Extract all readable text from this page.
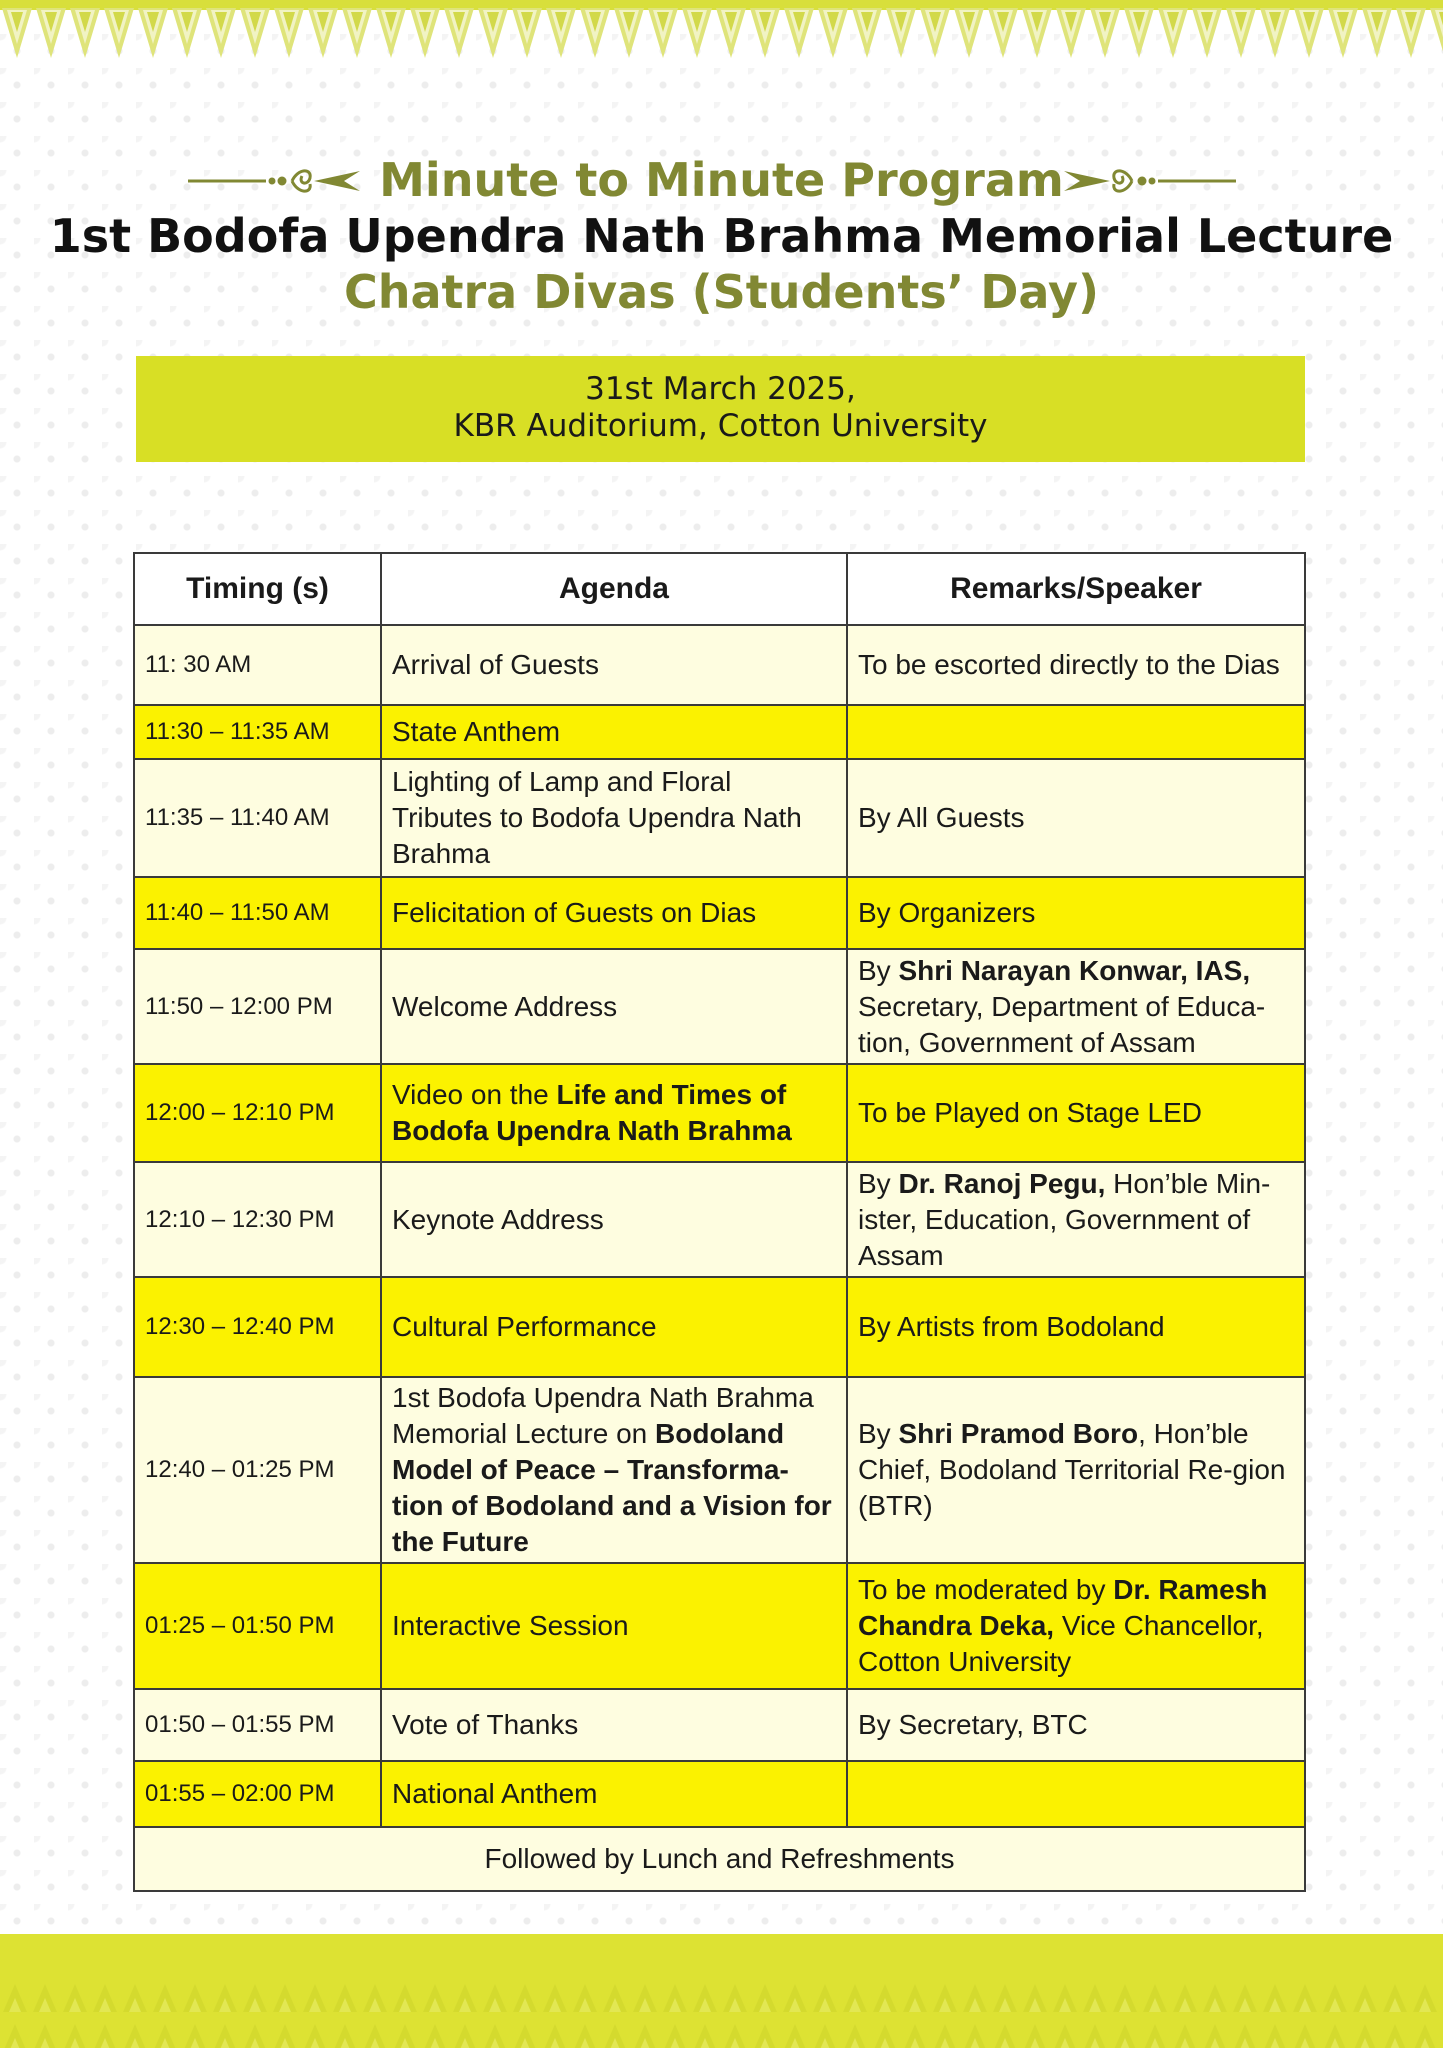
Minute to Minute Program
1st Bodofa Upendra Nath Brahma Memorial Lecture
Chatra Divas (Students’ Day)
31st March 2025,
KBR Auditorium, Cotton University
Timing (s)	Agenda	Remarks/Speaker
11: 30 AM	Arrival of Guests	To be escorted directly to the Dias
11:30 – 11:35 AM	State Anthem	
11:35 – 11:40 AM	Lighting of Lamp and Floral Tributes to Bodofa Upendra Nath Brahma	By All Guests
11:40 – 11:50 AM	Felicitation of Guests on Dias	By Organizers
11:50 – 12:00 PM	Welcome Address	By Shri Narayan Konwar, IAS, Secretary, Department of Educa-tion, Government of Assam
12:00 – 12:10 PM	Video on the Life and Times of Bodofa Upendra Nath Brahma	To be Played on Stage LED
12:10 – 12:30 PM	Keynote Address	By Dr. Ranoj Pegu, Hon’ble Min-ister, Education, Government of Assam
12:30 – 12:40 PM	Cultural Performance	By Artists from Bodoland
12:40 – 01:25 PM	1st Bodofa Upendra Nath Brahma Memorial Lecture on Bodoland Model of Peace – Transforma-tion of Bodoland and a Vision for the Future	By Shri Pramod Boro, Hon’ble Chief, Bodoland Territorial Re-gion (BTR)
01:25 – 01:50 PM	Interactive Session	To be moderated by Dr. Ramesh Chandra Deka, Vice Chancellor, Cotton University
01:50 – 01:55 PM	Vote of Thanks	By Secretary, BTC
01:55 – 02:00 PM	National Anthem	
Followed by Lunch and Refreshments		
